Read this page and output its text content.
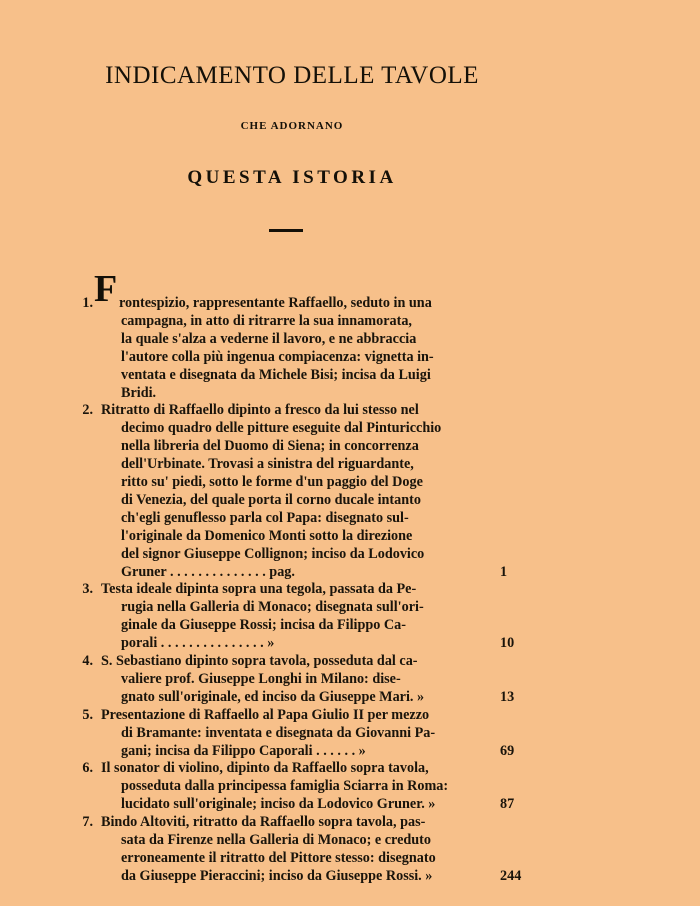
INDICAMENTO DELLE TAVOLE
CHE ADORNANO
QUESTA ISTORIA
F
1. rontespizio, rappresentante Raffaello, seduto in una
campagna, in atto di ritrarre la sua innamorata,
la quale s'alza a vederne il lavoro, e ne abbraccia
l'autore colla più ingenua compiacenza: vignetta in-
ventata e disegnata da Michele Bisi; incisa da Luigi
Bridi.
2. Ritratto di Raffaello dipinto a fresco da lui stesso nel
decimo quadro delle pitture eseguite dal Pinturicchio
nella libreria del Duomo di Siena; in concorrenza
dell'Urbinate. Trovasi a sinistra del riguardante,
ritto su' piedi, sotto le forme d'un paggio del Doge
di Venezia, del quale porta il corno ducale intanto
ch'egli genuflesso parla col Papa: disegnato sul-
l'originale da Domenico Monti sotto la direzione
del signor Giuseppe Collignon; inciso da Lodovico
Gruner . . . . . . . . . . . . . . pag.	1
3. Testa ideale dipinta sopra una tegola, passata da Pe-
rugia nella Galleria di Monaco; disegnata sull'ori-
ginale da Giuseppe Rossi; incisa da Filippo Ca-
porali . . . . . . . . . . . . . . . »	10
4. S. Sebastiano dipinto sopra tavola, posseduta dal ca-
valiere prof. Giuseppe Longhi in Milano: dise-
gnato sull'originale, ed inciso da Giuseppe Mari. »	13
5. Presentazione di Raffaello al Papa Giulio II per mezzo
di Bramante: inventata e disegnata da Giovanni Pa-
gani; incisa da Filippo Caporali . . . . . . »	69
6. Il sonator di violino, dipinto da Raffaello sopra tavola,
posseduta dalla principessa famiglia Sciarra in Roma:
lucidato sull'originale; inciso da Lodovico Gruner. »	87
7. Bindo Altoviti, ritratto da Raffaello sopra tavola, pas-
sata da Firenze nella Galleria di Monaco; e creduto
erroneamente il ritratto del Pittore stesso: disegnato
da Giuseppe Pieraccini; inciso da Giuseppe Rossi. »	244
